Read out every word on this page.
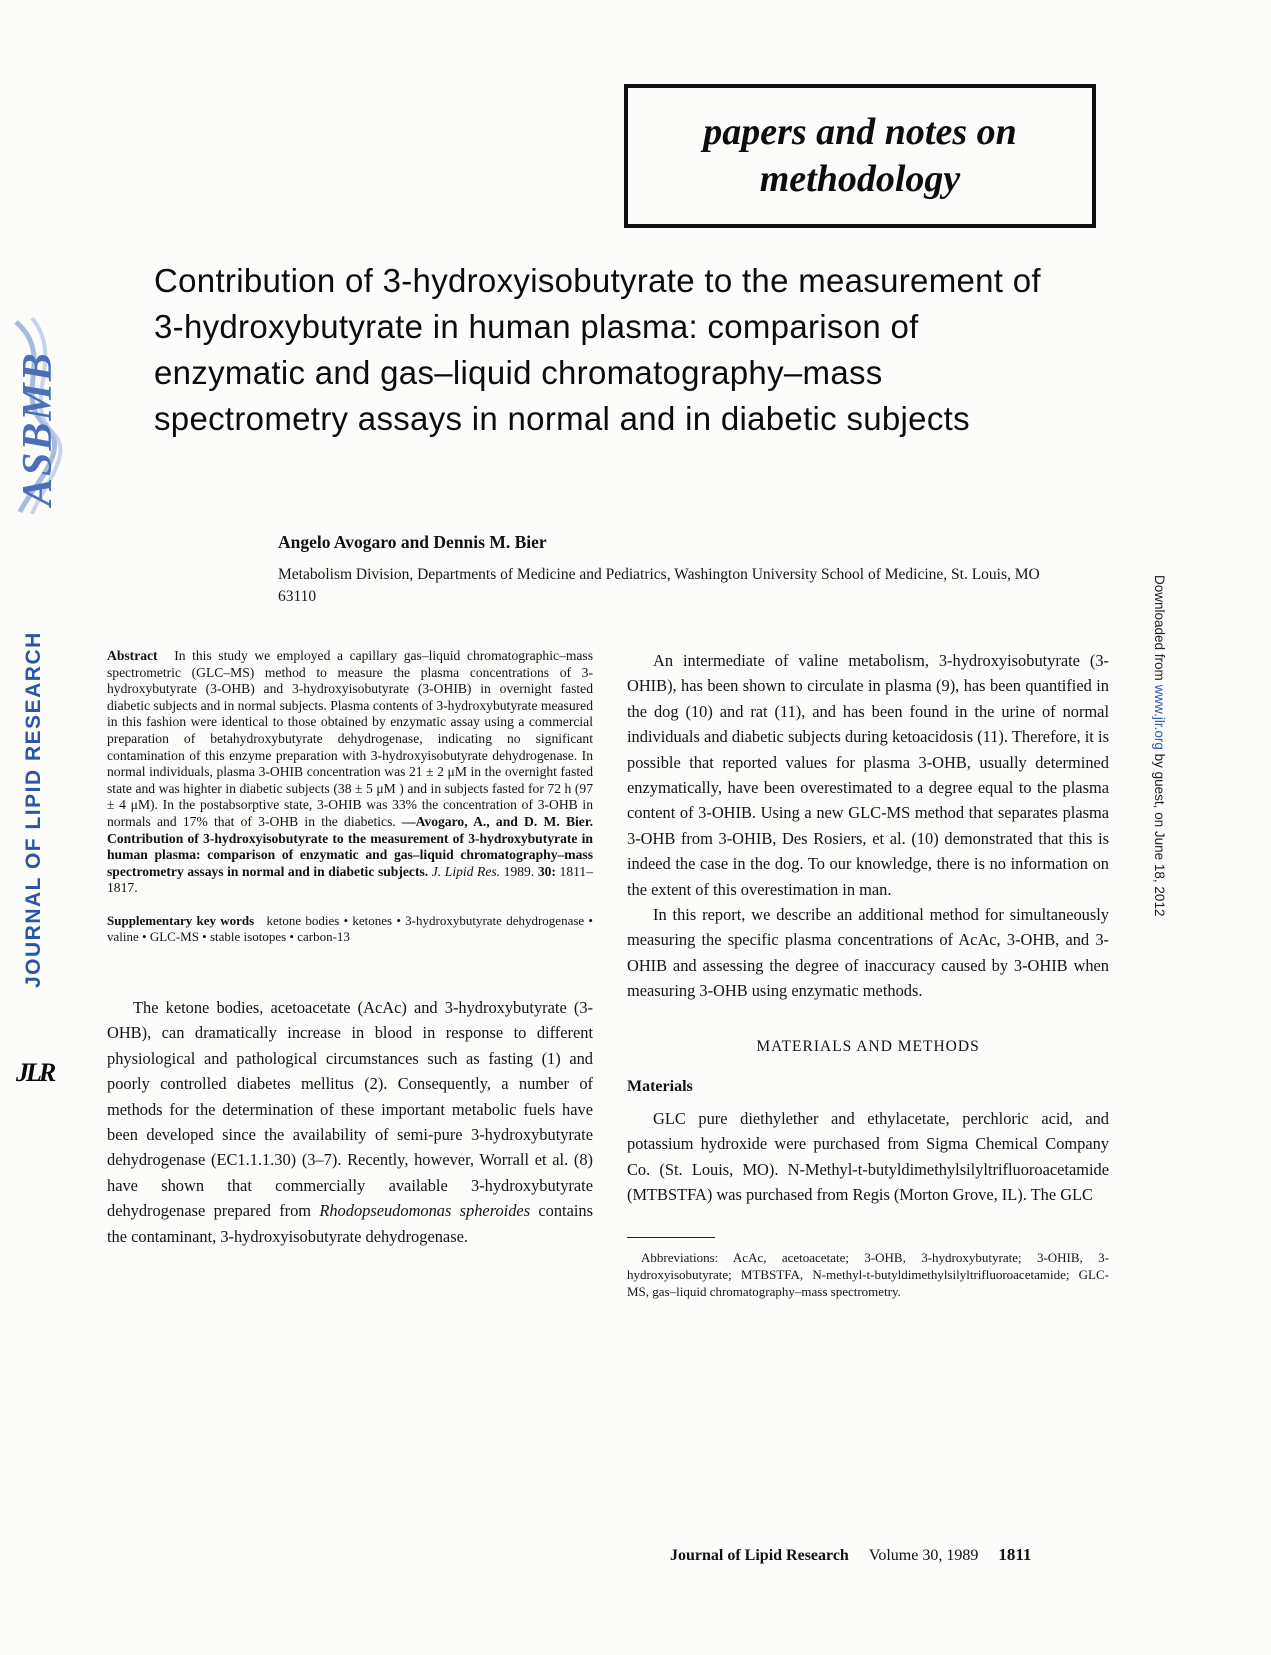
ASBMB
JOURNAL OF LIPID RESEARCH
JLR
Downloaded from www.jlr.org by guest, on June 18, 2012
papers and notes on
methodology
Contribution of 3-hydroxyisobutyrate to the measurement of 3-hydroxybutyrate in human plasma: comparison of enzymatic and gas–liquid chromatography–mass spectrometry assays in normal and in diabetic subjects
Angelo Avogaro and Dennis M. Bier
Metabolism Division, Departments of Medicine and Pediatrics, Washington University School of Medicine, St. Louis, MO 63110

Abstract In this study we employed a capillary gas–liquid chromatographic–mass spectrometric (GLC–MS) method to measure the plasma concentrations of 3-hydroxybutyrate (3-OHB) and 3-hydroxyisobutyrate (3-OHIB) in overnight fasted diabetic subjects and in normal subjects. Plasma contents of 3-hydroxybutyrate measured in this fashion were identical to those obtained by enzymatic assay using a commercial preparation of betahydroxybutyrate dehydrogenase, indicating no significant contamination of this enzyme preparation with 3-hydroxyisobutyrate dehydrogenase. In normal individuals, plasma 3-OHIB concentration was 21 ± 2 μM in the overnight fasted state and was highter in diabetic subjects (38 ± 5 μM ) and in subjects fasted for 72 h (97 ± 4 μM). In the postabsorptive state, 3-OHIB was 33% the concentration of 3-OHB in normals and 17% that of 3-OHB in the diabetics. —Avogaro, A., and D. M. Bier. Contribution of 3-hydroxyisobutyrate to the measurement of 3-hydroxybutyrate in human plasma: comparison of enzymatic and gas–liquid chromatography–mass spectrometry assays in normal and in diabetic subjects. J. Lipid Res. 1989. 30: 1811–1817.

Supplementary key words ketone bodies • ketones • 3-hydroxybutyrate dehydrogenase • valine • GLC-MS • stable isotopes • carbon-13

The ketone bodies, acetoacetate (AcAc) and 3-hydroxybutyrate (3-OHB), can dramatically increase in blood in response to different physiological and pathological circumstances such as fasting (1) and poorly controlled diabetes mellitus (2). Consequently, a number of methods for the determination of these important metabolic fuels have been developed since the availability of semi-pure 3-hydroxybutyrate dehydrogenase (EC1.1.1.30) (3–7). Recently, however, Worrall et al. (8) have shown that commercially available 3-hydroxybutyrate dehydrogenase prepared from Rhodopseudomonas spheroides contains the contaminant, 3-hydroxyisobutyrate dehydrogenase.

An intermediate of valine metabolism, 3-hydroxyisobutyrate (3-OHIB), has been shown to circulate in plasma (9), has been quantified in the dog (10) and rat (11), and has been found in the urine of normal individuals and diabetic subjects during ketoacidosis (11). Therefore, it is possible that reported values for plasma 3-OHB, usually determined enzymatically, have been overestimated to a degree equal to the plasma content of 3-OHIB. Using a new GLC-MS method that separates plasma 3-OHB from 3-OHIB, Des Rosiers, et al. (10) demonstrated that this is indeed the case in the dog. To our knowledge, there is no information on the extent of this overestimation in man.

In this report, we describe an additional method for simultaneously measuring the specific plasma concentrations of AcAc, 3-OHB, and 3-OHIB and assessing the degree of inaccuracy caused by 3-OHIB when measuring 3-OHB using enzymatic methods.

MATERIALS AND METHODS
Materials

GLC pure diethylether and ethylacetate, perchloric acid, and potassium hydroxide were purchased from Sigma Chemical Company Co. (St. Louis, MO). N-Methyl-t-butyldimethylsilyltrifluoroacetamide (MTBSTFA) was purchased from Regis (Morton Grove, IL). The GLC

Abbreviations: AcAc, acetoacetate; 3-OHB, 3-hydroxybutyrate; 3-OHIB, 3-hydroxyisobutyrate; MTBSTFA, N-methyl-t-butyldimethylsilyltrifluoroacetamide; GLC-MS, gas–liquid chromatography–mass spectrometry.

Journal of Lipid Research Volume 30, 1989 1811
